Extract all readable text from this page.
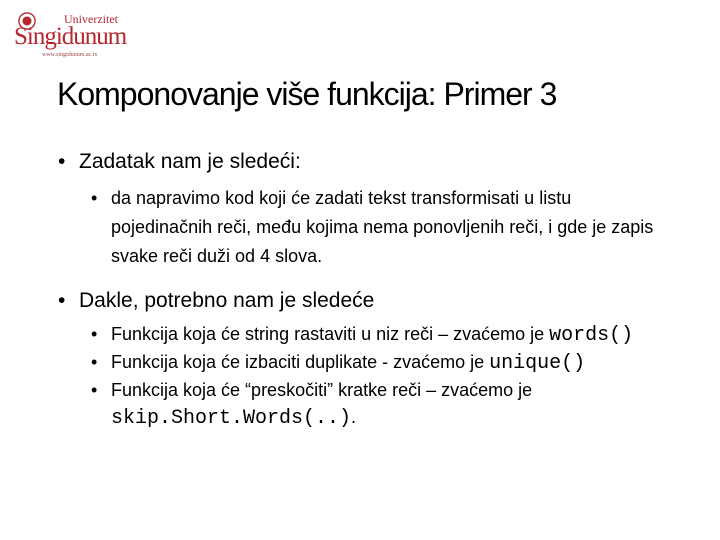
Univerzitet
Singidunum
www.singidunum.ac.rs
Komponovanje više funkcija: Primer 3
• Zadatak nam je sledeći:
• da napravimo kod koji će zadati tekst transformisati u listu pojedinačnih reči, među kojima nema ponovljenih reči, i gde je zapis svake reči duži od 4 slova.
• Dakle, potrebno nam je sledeće
• Funkcija koja će string rastaviti u niz reči – zvaćemo je words()
• Funkcija koja će izbaciti duplikate - zvaćemo je unique()
• Funkcija koja će “preskočiti” kratke reči – zvaćemo je skip.Short.Words(..).
